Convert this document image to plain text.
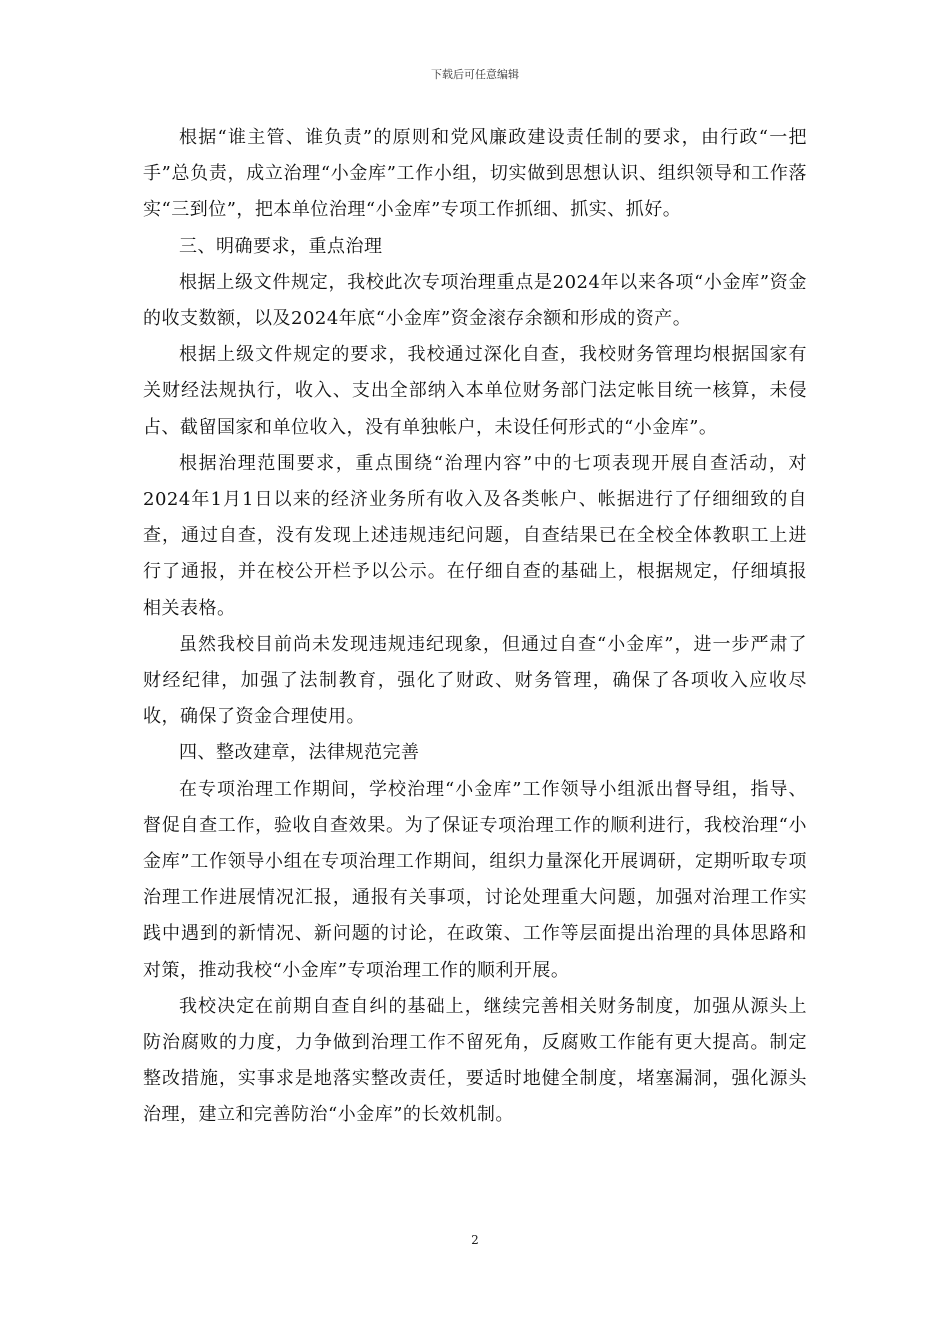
下载后可任意编辑

根据“谁主管、谁负责”的原则和党风廉政建设责任制的要求，由行政“一把手”总负责，成立治理“小金库”工作小组，切实做到思想认识、组织领导和工作落实“三到位”，把本单位治理“小金库”专项工作抓细、抓实、抓好。

三、明确要求，重点治理

根据上级文件规定，我校此次专项治理重点是2024年以来各项“小金库”资金的收支数额，以及2024年底“小金库”资金滚存余额和形成的资产。

根据上级文件规定的要求，我校通过深化自查，我校财务管理均根据国家有关财经法规执行，收入、支出全部纳入本单位财务部门法定帐目统一核算，未侵占、截留国家和单位收入，没有单独帐户，未设任何形式的“小金库”。

根据治理范围要求，重点围绕“治理内容”中的七项表现开展自查活动，对2024年1月1日以来的经济业务所有收入及各类帐户、帐据进行了仔细细致的自查，通过自查，没有发现上述违规违纪问题，自查结果已在全校全体教职工上进行了通报，并在校公开栏予以公示。在仔细自查的基础上，根据规定，仔细填报相关表格。

虽然我校目前尚未发现违规违纪现象，但通过自查“小金库”，进一步严肃了财经纪律，加强了法制教育，强化了财政、财务管理，确保了各项收入应收尽收，确保了资金合理使用。

四、整改建章，法律规范完善

在专项治理工作期间，学校治理“小金库”工作领导小组派出督导组，指导、督促自查工作，验收自查效果。为了保证专项治理工作的顺利进行，我校治理“小金库”工作领导小组在专项治理工作期间，组织力量深化开展调研，定期听取专项治理工作进展情况汇报，通报有关事项，讨论处理重大问题，加强对治理工作实践中遇到的新情况、新问题的讨论，在政策、工作等层面提出治理的具体思路和对策，推动我校“小金库”专项治理工作的顺利开展。

我校决定在前期自查自纠的基础上，继续完善相关财务制度，加强从源头上防治腐败的力度，力争做到治理工作不留死角，反腐败工作能有更大提高。制定整改措施，实事求是地落实整改责任，要适时地健全制度，堵塞漏洞，强化源头治理，建立和完善防治“小金库”的长效机制。

2
